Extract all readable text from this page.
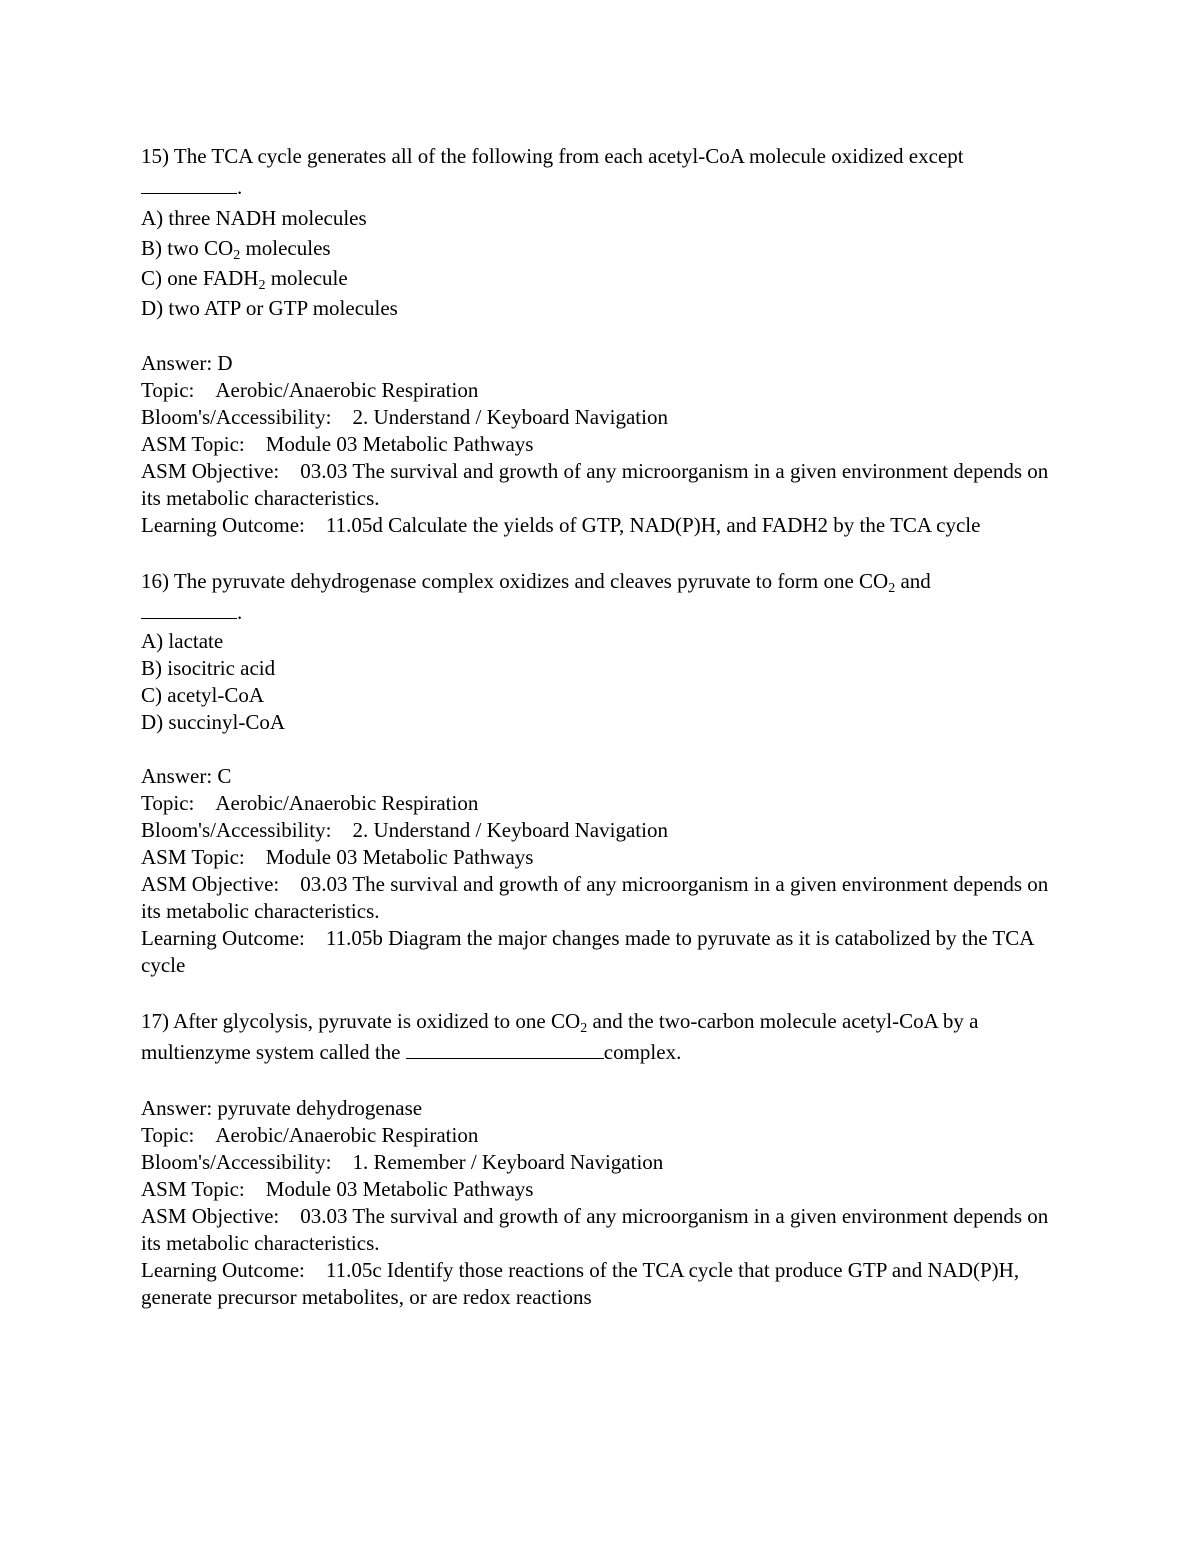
15) The TCA cycle generates all of the following from each acetyl-CoA molecule oxidized except
.
A) three NADH molecules
B) two $CO_2$ molecules
C) one $FADH_2$ molecule
D) two ATP or GTP molecules
Answer: D
Topic: Aerobic/Anaerobic Respiration
Bloom's/Accessibility: 2. Understand / Keyboard Navigation
ASM Topic: Module 03 Metabolic Pathways
ASM Objective: 03.03 The survival and growth of any microorganism in a given environment depends on its metabolic characteristics.
Learning Outcome: 11.05d Calculate the yields of GTP, NAD(P)H, and FADH2 by the TCA cycle
16) The pyruvate dehydrogenase complex oxidizes and cleaves pyruvate to form one $CO_2$ and
.
A) lactate
B) isocitric acid
C) acetyl-CoA
D) succinyl-CoA
Answer: C
Topic: Aerobic/Anaerobic Respiration
Bloom's/Accessibility: 2. Understand / Keyboard Navigation
ASM Topic: Module 03 Metabolic Pathways
ASM Objective: 03.03 The survival and growth of any microorganism in a given environment depends on its metabolic characteristics.
Learning Outcome: 11.05b Diagram the major changes made to pyruvate as it is catabolized by the TCA cycle
17) After glycolysis, pyruvate is oxidized to one $CO_2$ and the two-carbon molecule acetyl-CoA by a multienzyme system called the	complex.
Answer: pyruvate dehydrogenase
Topic: Aerobic/Anaerobic Respiration
Bloom's/Accessibility: 1. Remember / Keyboard Navigation
ASM Topic: Module 03 Metabolic Pathways
ASM Objective: 03.03 The survival and growth of any microorganism in a given environment depends on its metabolic characteristics.
Learning Outcome: 11.05c Identify those reactions of the TCA cycle that produce GTP and NAD(P)H, generate precursor metabolites, or are redox reactions
